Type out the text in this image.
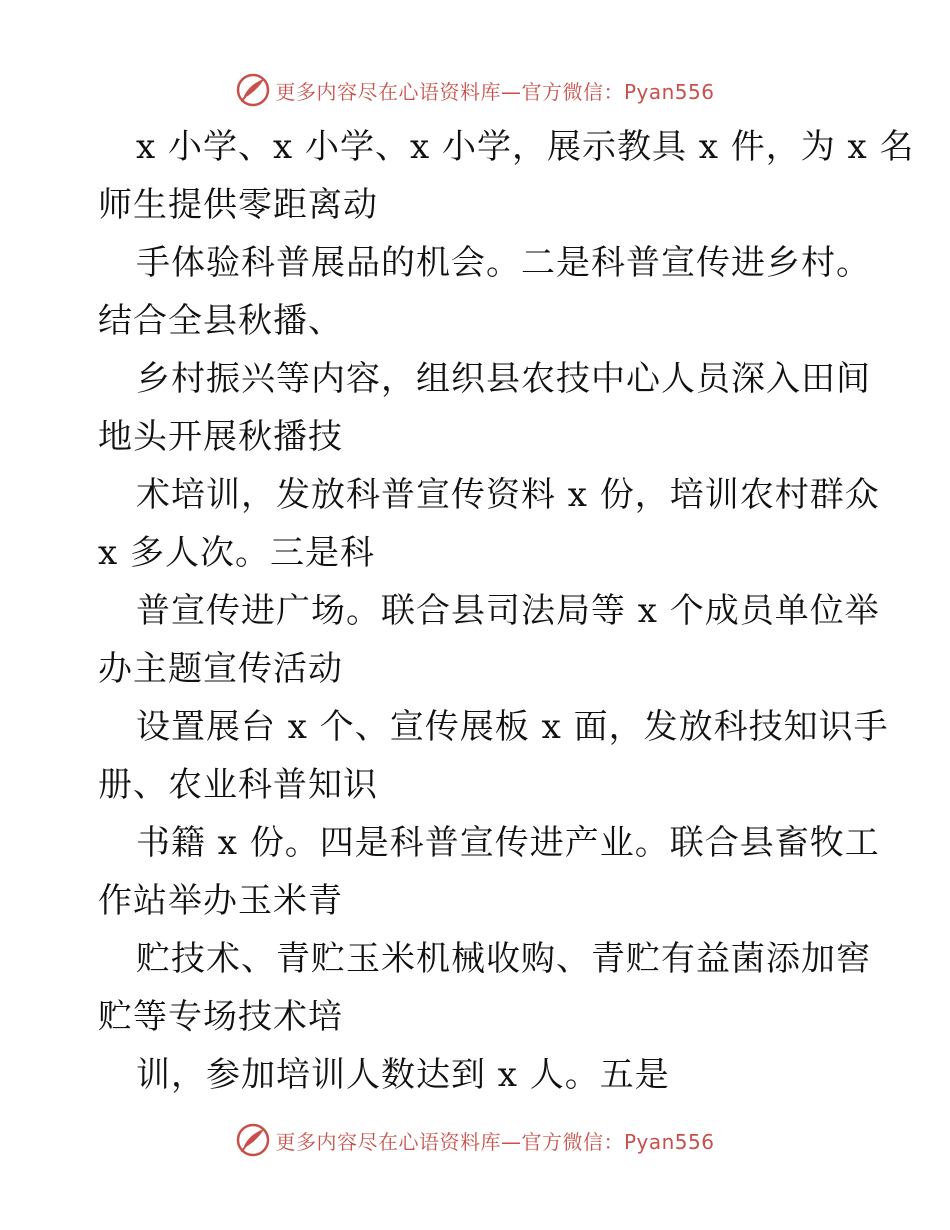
更多内容尽在心语资料库—官方微信：Pyan556
x 小学、x 小学、x 小学，展示教具 x 件，为 x 名
师生提供零距离动
手体验科普展品的机会。二是科普宣传进乡村。
结合全县秋播、
乡村振兴等内容，组织县农技中心人员深入田间
地头开展秋播技
术培训，发放科普宣传资料 x 份，培训农村群众
x 多人次。三是科
普宣传进广场。联合县司法局等 x 个成员单位举
办主题宣传活动
设置展台 x 个、宣传展板 x 面，发放科技知识手
册、农业科普知识
书籍 x 份。四是科普宣传进产业。联合县畜牧工
作站举办玉米青
贮技术、青贮玉米机械收购、青贮有益菌添加窖
贮等专场技术培
训，参加培训人数达到 x 人。五是
更多内容尽在心语资料库—官方微信：Pyan556
